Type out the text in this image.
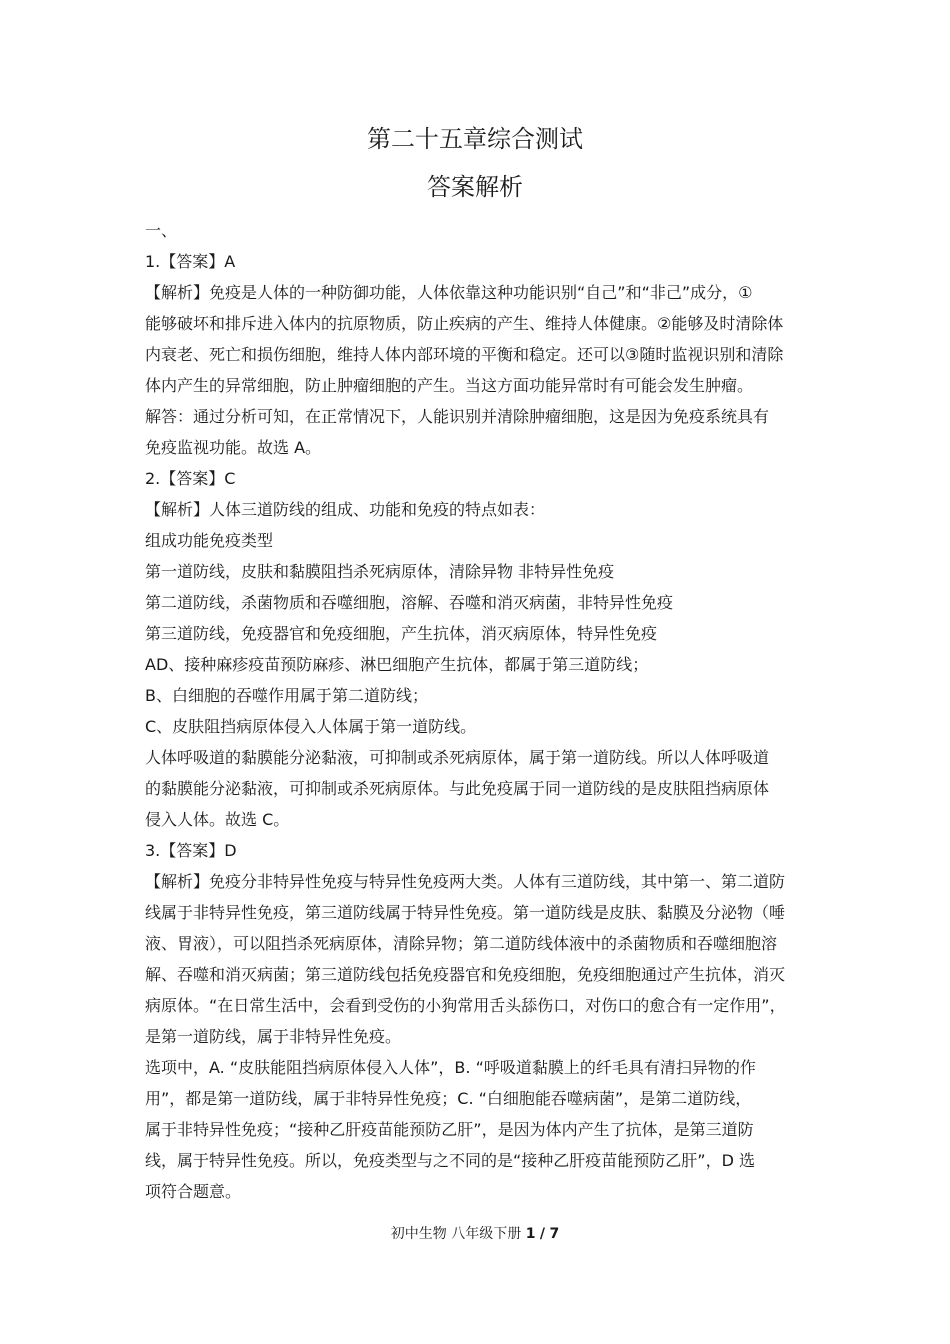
第二十五章综合测试
答案解析
一、
1.【答案】A
【解析】免疫是人体的一种防御功能，人体依靠这种功能识别“自己”和“非己”成分，①
能够破坏和排斥进入体内的抗原物质，防止疾病的产生、维持人体健康。②能够及时清除体
内衰老、死亡和损伤细胞，维持人体内部环境的平衡和稳定。还可以③随时监视识别和清除
体内产生的异常细胞，防止肿瘤细胞的产生。当这方面功能异常时有可能会发生肿瘤。
解答：通过分析可知，在正常情况下，人能识别并清除肿瘤细胞，这是因为免疫系统具有
免疫监视功能。故选 A。
2.【答案】C
【解析】人体三道防线的组成、功能和免疫的特点如表：
组成功能免疫类型
第一道防线，皮肤和黏膜阻挡杀死病原体，清除异物 非特异性免疫
第二道防线，杀菌物质和吞噬细胞，溶解、吞噬和消灭病菌，非特异性免疫
第三道防线，免疫器官和免疫细胞，产生抗体，消灭病原体，特异性免疫
AD、接种麻疹疫苗预防麻疹、淋巴细胞产生抗体，都属于第三道防线；
B、白细胞的吞噬作用属于第二道防线；
C、皮肤阻挡病原体侵入人体属于第一道防线。
人体呼吸道的黏膜能分泌黏液，可抑制或杀死病原体，属于第一道防线。所以人体呼吸道
的黏膜能分泌黏液，可抑制或杀死病原体。与此免疫属于同一道防线的是皮肤阻挡病原体
侵入人体。故选 C。
3.【答案】D
【解析】免疫分非特异性免疫与特异性免疫两大类。人体有三道防线，其中第一、第二道防
线属于非特异性免疫，第三道防线属于特异性免疫。第一道防线是皮肤、黏膜及分泌物（唾
液、胃液），可以阻挡杀死病原体，清除异物；第二道防线体液中的杀菌物质和吞噬细胞溶
解、吞噬和消灭病菌；第三道防线包括免疫器官和免疫细胞，免疫细胞通过产生抗体，消灭
病原体。“在日常生活中，会看到受伤的小狗常用舌头舔伤口，对伤口的愈合有一定作用”，
是第一道防线，属于非特异性免疫。
选项中，A. “皮肤能阻挡病原体侵入人体”，B. “呼吸道黏膜上的纤毛具有清扫异物的作
用”，都是第一道防线，属于非特异性免疫；C. “白细胞能吞噬病菌”，是第二道防线，
属于非特异性免疫；“接种乙肝疫苗能预防乙肝”，是因为体内产生了抗体，是第三道防
线，属于特异性免疫。所以，免疫类型与之不同的是“接种乙肝疫苗能预防乙肝”，D 选
项符合题意。
初中生物 八年级下册 1 / 7
